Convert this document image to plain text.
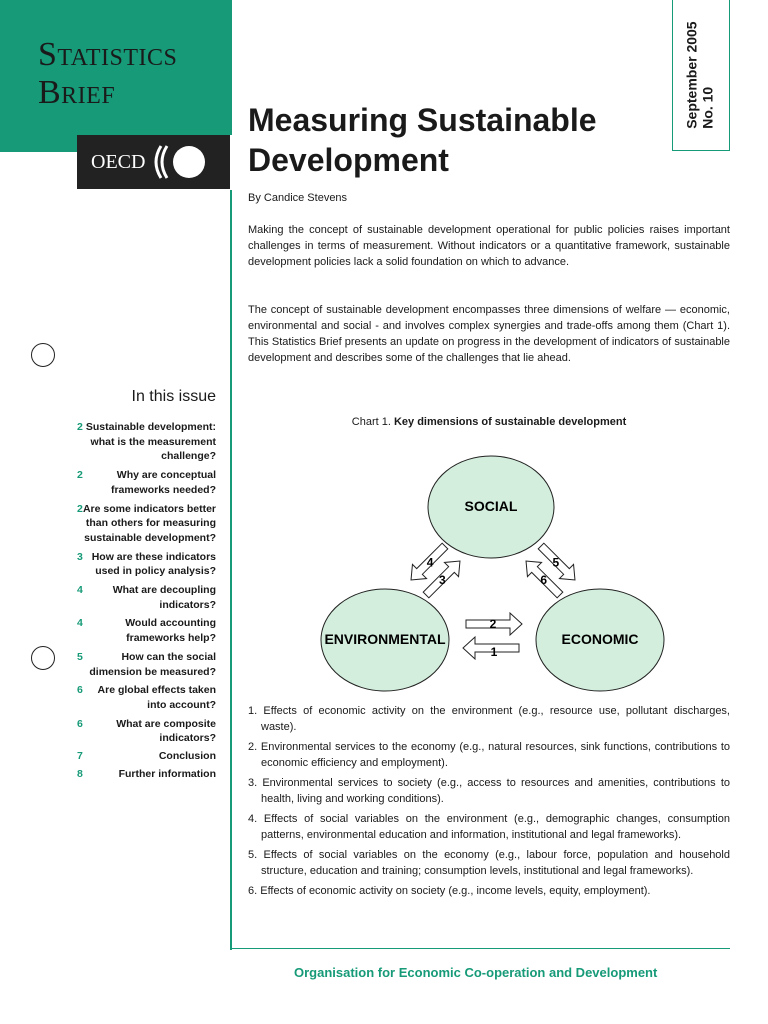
Statistics
Brief
OECD
September 2005 No. 10
Measuring Sustainable Development
By Candice Stevens

Making the concept of sustainable development operational for public policies raises important challenges in terms of measurement. Without indicators or a quantitative framework, sustainable development policies lack a solid foundation on which to advance.

The concept of sustainable development encompasses three dimensions of welfare — economic, environmental and social - and involves complex synergies and trade-offs among them (Chart 1). This Statistics Brief presents an update on progress in the development of indicators of sustainable development and describes some of the challenges that lie ahead.

In this issue
2 Sustainable development: what is the measurement challenge?
2	Why are conceptual frameworks needed?
2 Are some indicators better than others for measuring sustainable development?
3 How are these indicators used in policy analysis?
4	What are decoupling indicators?
4	Would accounting frameworks help?
5	How can the social dimension be measured?
6 Are global effects taken into account?
6	What are composite indicators?
7	Conclusion
8	Further information
Chart 1. Key dimensions of sustainable development
SOCIAL
ENVIRONMENTAL	ECONOMIC
2
1
4
3
5
6
1. Effects of economic activity on the environment (e.g., resource use, pollutant discharges, waste).
2. Environmental services to the economy (e.g., natural resources, sink functions, contributions to economic efficiency and employment).
3. Environmental services to society (e.g., access to resources and amenities, contributions to health, living and working conditions).
4. Effects of social variables on the environment (e.g., demographic changes, consumption patterns, environmental education and information, institutional and legal frameworks).
5. Effects of social variables on the economy (e.g., labour force, population and household structure, education and training; consumption levels, institutional and legal frameworks).
6. Effects of economic activity on society (e.g., income levels, equity, employment).
Organisation for Economic Co-operation and Development
